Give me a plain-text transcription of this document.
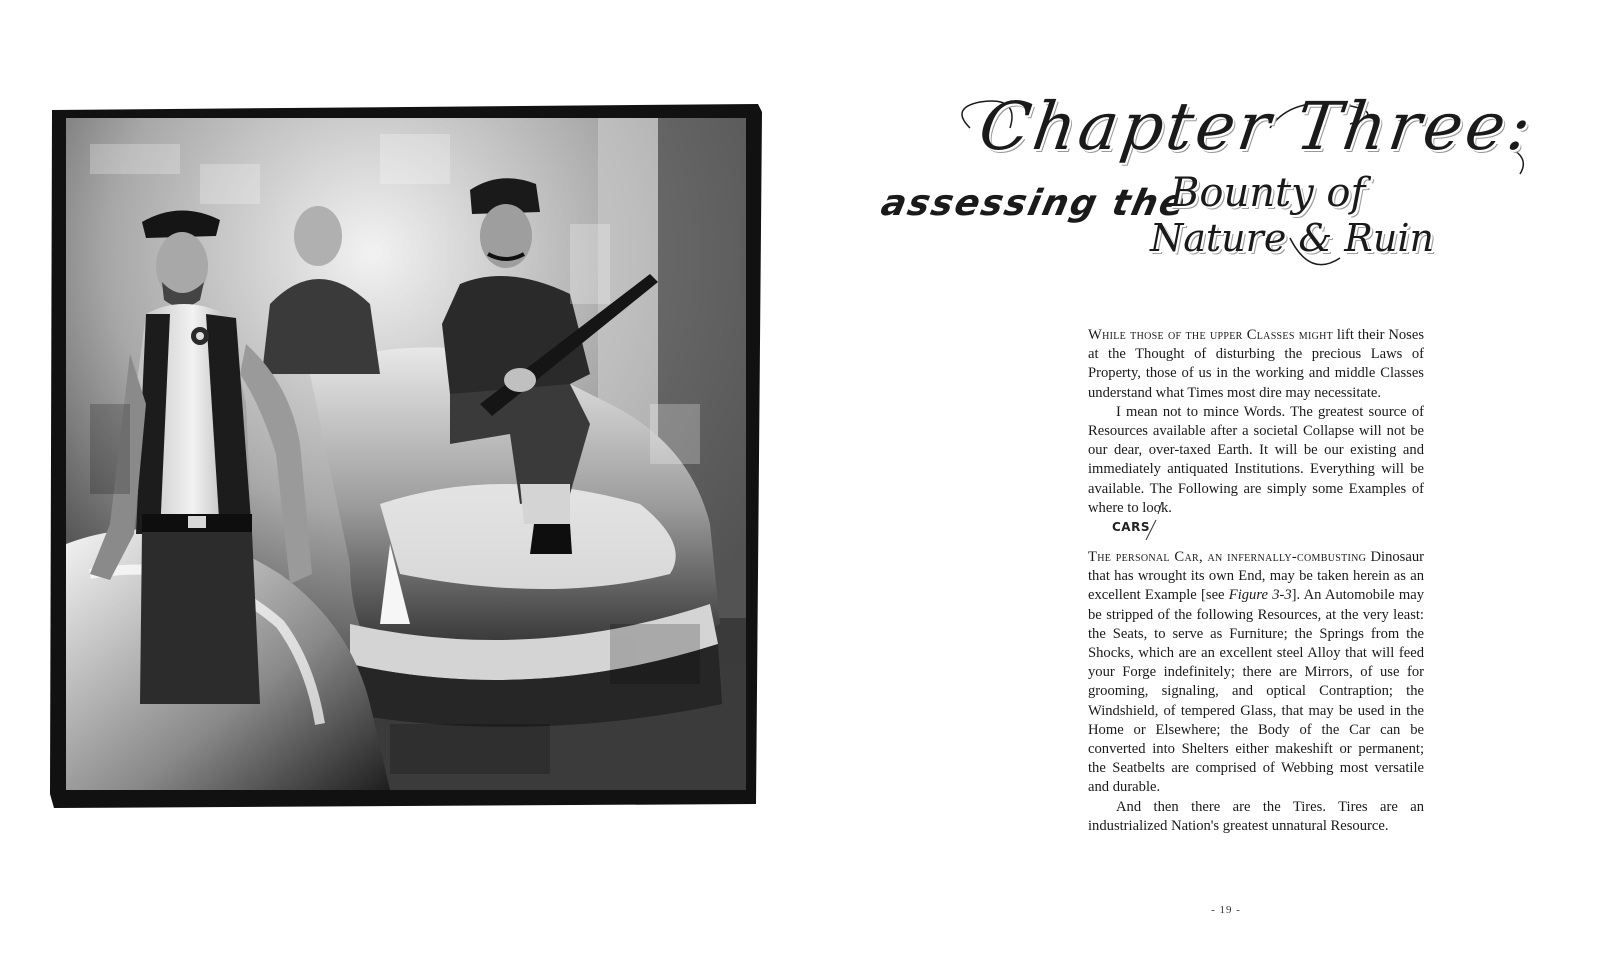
Chapter Three:
assessing the
Bounty of
Nature & Ruin

While those of the upper Classes might lift their Noses at the Thought of disturbing the precious Laws of Property, those of us in the working and middle Classes understand what Times most dire may necessitate.

I mean not to mince Words. The greatest source of Resources available after a societal Collapse will not be our dear, over-taxed Earth. It will be our existing and immediately antiquated Institutions. Everything will be available. The Following are simply some Examples of where to look.

CARS

The personal Car, an infernally-combusting Dinosaur that has wrought its own End, may be taken herein as an excellent Example [see Figure 3-3]. An Automobile may be stripped of the following Resources, at the very least: the Seats, to serve as Furniture; the Springs from the Shocks, which are an excellent steel Alloy that will feed your Forge indefinitely; there are Mirrors, of use for grooming, signaling, and optical Contraption; the Windshield, of tempered Glass, that may be used in the Home or Elsewhere; the Body of the Car can be converted into Shelters either makeshift or permanent; the Seatbelts are comprised of Webbing most versatile and durable.

And then there are the Tires. Tires are an industrialized Nation's greatest unnatural Resource.

- 19 -
